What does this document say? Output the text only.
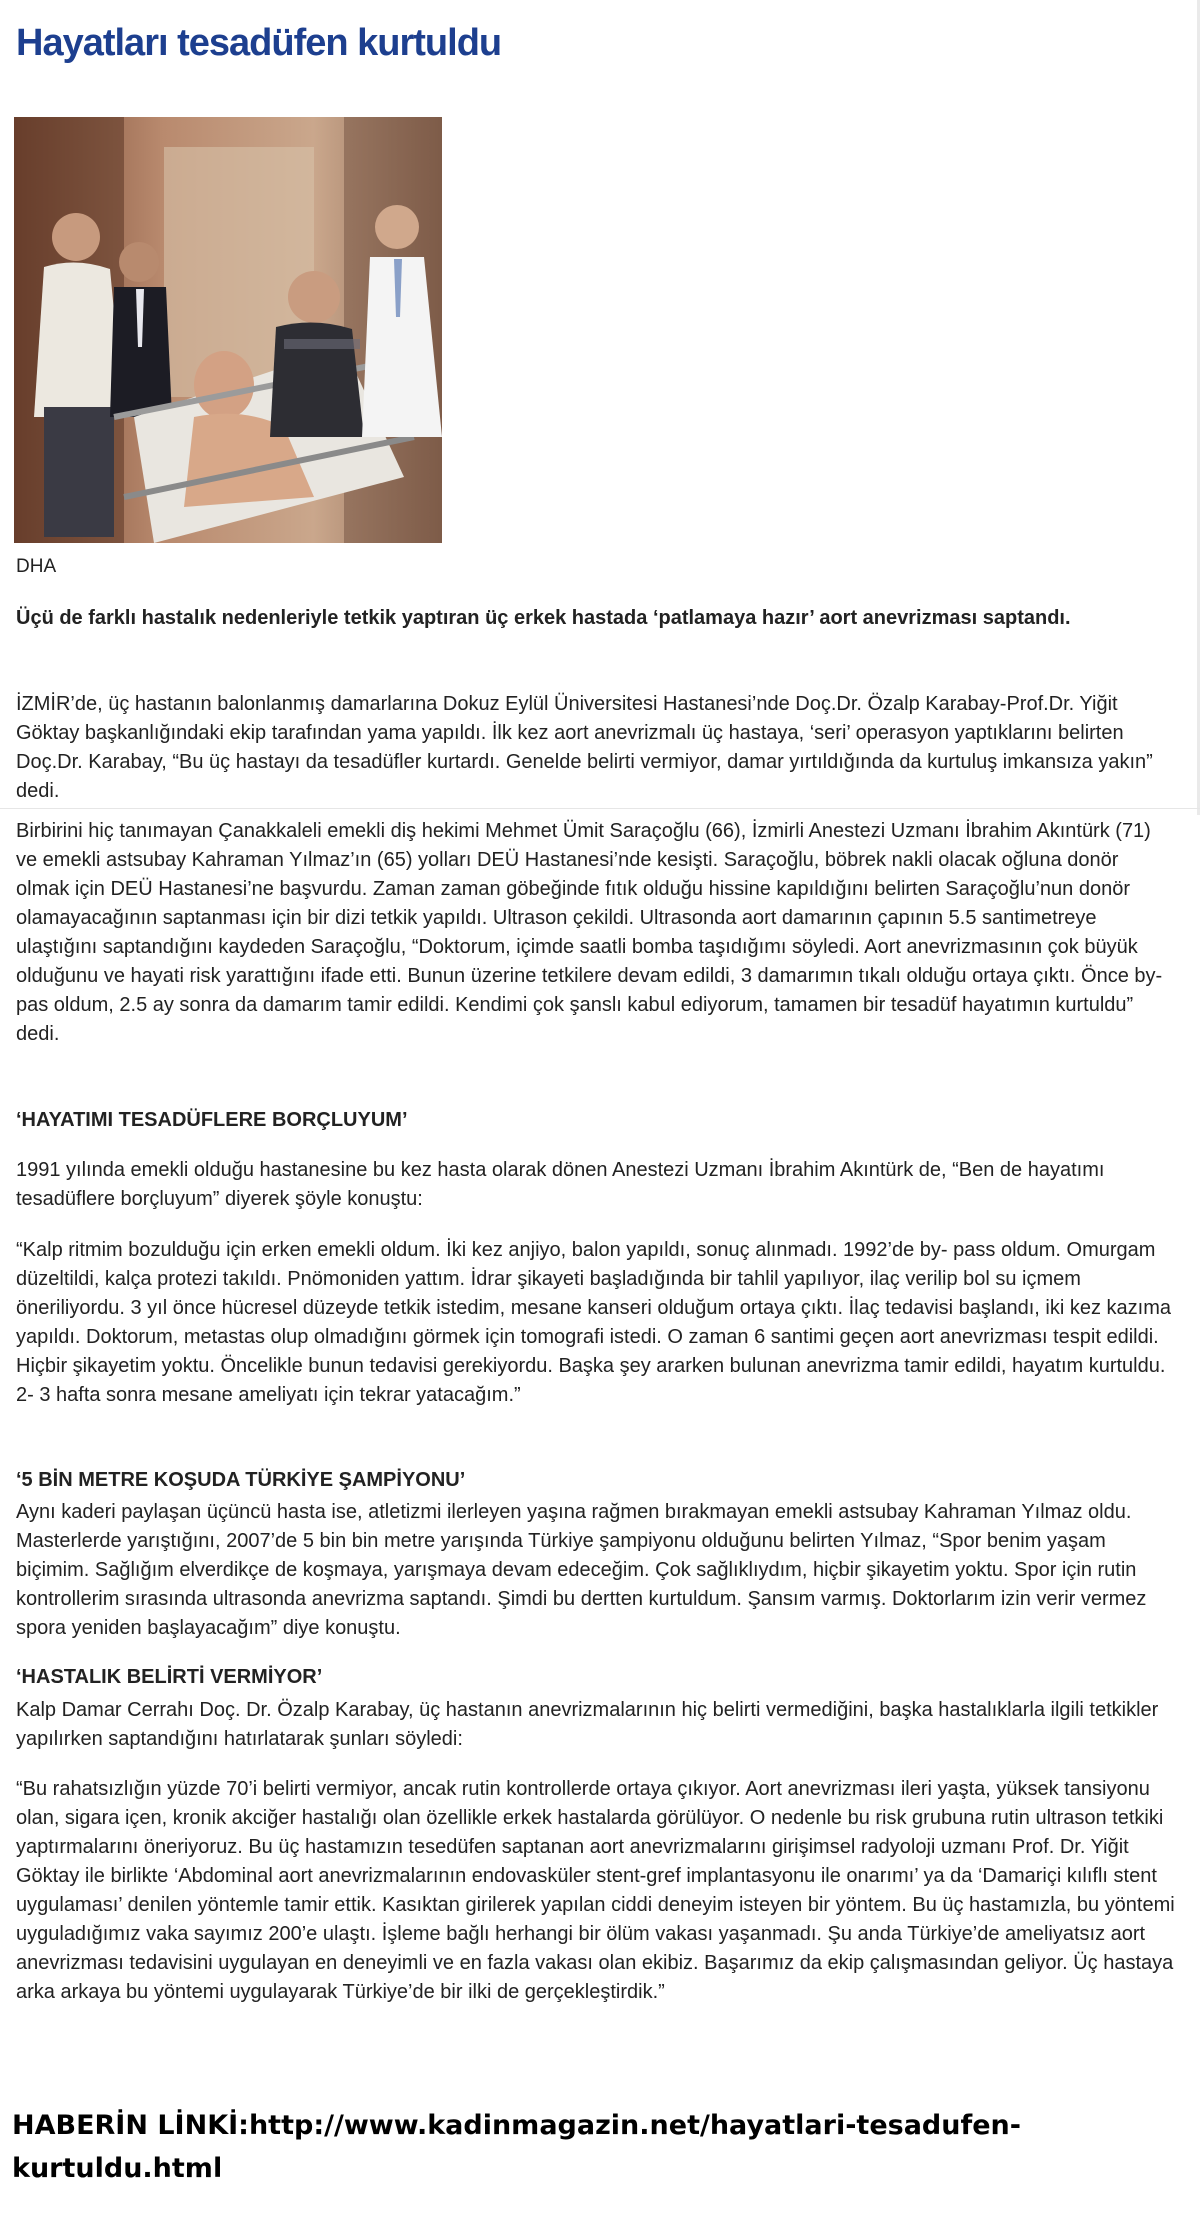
Hayatları tesadüfen kurtuldu
DHA

Üçü de farklı hastalık nedenleriyle tetkik yaptıran üç erkek hastada ‘patlamaya hazır’ aort anevrizması saptandı.

İZMİR’de, üç hastanın balonlanmış damarlarına Dokuz Eylül Üniversitesi Hastanesi’nde Doç.Dr. Özalp Karabay-Prof.Dr. Yiğit Göktay başkanlığındaki ekip tarafından yama yapıldı. İlk kez aort anevrizmalı üç hastaya, ‘seri’ operasyon yaptıklarını belirten Doç.Dr. Karabay, “Bu üç hastayı da tesadüfler kurtardı. Genelde belirti vermiyor, damar yırtıldığında da kurtuluş imkansıza yakın” dedi.

Birbirini hiç tanımayan Çanakkaleli emekli diş hekimi Mehmet Ümit Saraçoğlu (66), İzmirli Anestezi Uzmanı İbrahim Akıntürk (71) ve emekli astsubay Kahraman Yılmaz’ın (65) yolları DEÜ Hastanesi’nde kesişti. Saraçoğlu, böbrek nakli olacak oğluna donör olmak için DEÜ Hastanesi’ne başvurdu. Zaman zaman göbeğinde fıtık olduğu hissine kapıldığını belirten Saraçoğlu’nun donör olamayacağının saptanması için bir dizi tetkik yapıldı. Ultrason çekildi. Ultrasonda aort damarının çapının 5.5 santimetreye ulaştığını saptandığını kaydeden Saraçoğlu, “Doktorum, içimde saatli bomba taşıdığımı söyledi. Aort anevrizmasının çok büyük olduğunu ve hayati risk yarattığını ifade etti. Bunun üzerine tetkilere devam edildi, 3 damarımın tıkalı olduğu ortaya çıktı. Önce by-pas oldum, 2.5 ay sonra da damarım tamir edildi. Kendimi çok şanslı kabul ediyorum, tamamen bir tesadüf hayatımın kurtuldu” dedi.

‘HAYATIMI TESADÜFLERE BORÇLUYUM’

1991 yılında emekli olduğu hastanesine bu kez hasta olarak dönen Anestezi Uzmanı İbrahim Akıntürk de, “Ben de hayatımı tesadüflere borçluyum” diyerek şöyle konuştu:

“Kalp ritmim bozulduğu için erken emekli oldum. İki kez anjiyo, balon yapıldı, sonuç alınmadı. 1992’de by- pass oldum. Omurgam düzeltildi, kalça protezi takıldı. Pnömoniden yattım. İdrar şikayeti başladığında bir tahlil yapılıyor, ilaç verilip bol su içmem öneriliyordu. 3 yıl önce hücresel düzeyde tetkik istedim, mesane kanseri olduğum ortaya çıktı. İlaç tedavisi başlandı, iki kez kazıma yapıldı. Doktorum, metastas olup olmadığını görmek için tomografi istedi. O zaman 6 santimi geçen aort anevrizması tespit edildi. Hiçbir şikayetim yoktu. Öncelikle bunun tedavisi gerekiyordu. Başka şey ararken bulunan anevrizma tamir edildi, hayatım kurtuldu. 2- 3 hafta sonra mesane ameliyatı için tekrar yatacağım.”

‘5 BİN METRE KOŞUDA TÜRKİYE ŞAMPİYONU’

Aynı kaderi paylaşan üçüncü hasta ise, atletizmi ilerleyen yaşına rağmen bırakmayan emekli astsubay Kahraman Yılmaz oldu. Masterlerde yarıştığını, 2007’de 5 bin bin metre yarışında Türkiye şampiyonu olduğunu belirten Yılmaz, “Spor benim yaşam biçimim. Sağlığım elverdikçe de koşmaya, yarışmaya devam edeceğim. Çok sağlıklıydım, hiçbir şikayetim yoktu. Spor için rutin kontrollerim sırasında ultrasonda anevrizma saptandı. Şimdi bu dertten kurtuldum. Şansım varmış. Doktorlarım izin verir vermez spora yeniden başlayacağım” diye konuştu.

‘HASTALIK BELİRTİ VERMİYOR’

Kalp Damar Cerrahı Doç. Dr. Özalp Karabay, üç hastanın anevrizmalarının hiç belirti vermediğini, başka hastalıklarla ilgili tetkikler yapılırken saptandığını hatırlatarak şunları söyledi:

“Bu rahatsızlığın yüzde 70’i belirti vermiyor, ancak rutin kontrollerde ortaya çıkıyor. Aort anevrizması ileri yaşta, yüksek tansiyonu olan, sigara içen, kronik akciğer hastalığı olan özellikle erkek hastalarda görülüyor. O nedenle bu risk grubuna rutin ultrason tetkiki yaptırmalarını öneriyoruz. Bu üç hastamızın tesedüfen saptanan aort anevrizmalarını girişimsel radyoloji uzmanı Prof. Dr. Yiğit Göktay ile birlikte ‘Abdominal aort anevrizmalarının endovasküler stent-gref implantasyonu ile onarımı’ ya da ‘Damariçi kılıflı stent uygulaması’ denilen yöntemle tamir ettik. Kasıktan girilerek yapılan ciddi deneyim isteyen bir yöntem. Bu üç hastamızla, bu yöntemi uyguladığımız vaka sayımız 200’e ulaştı. İşleme bağlı herhangi bir ölüm vakası yaşanmadı. Şu anda Türkiye’de ameliyatsız aort anevrizması tedavisini uygulayan en deneyimli ve en fazla vakası olan ekibiz. Başarımız da ekip çalışmasından geliyor. Üç hastaya arka arkaya bu yöntemi uygulayarak Türkiye’de bir ilki de gerçekleştirdik.”

HABERİN LİNKİ:http://www.kadinmagazin.net/hayatlari-tesadufen-kurtuldu.html
